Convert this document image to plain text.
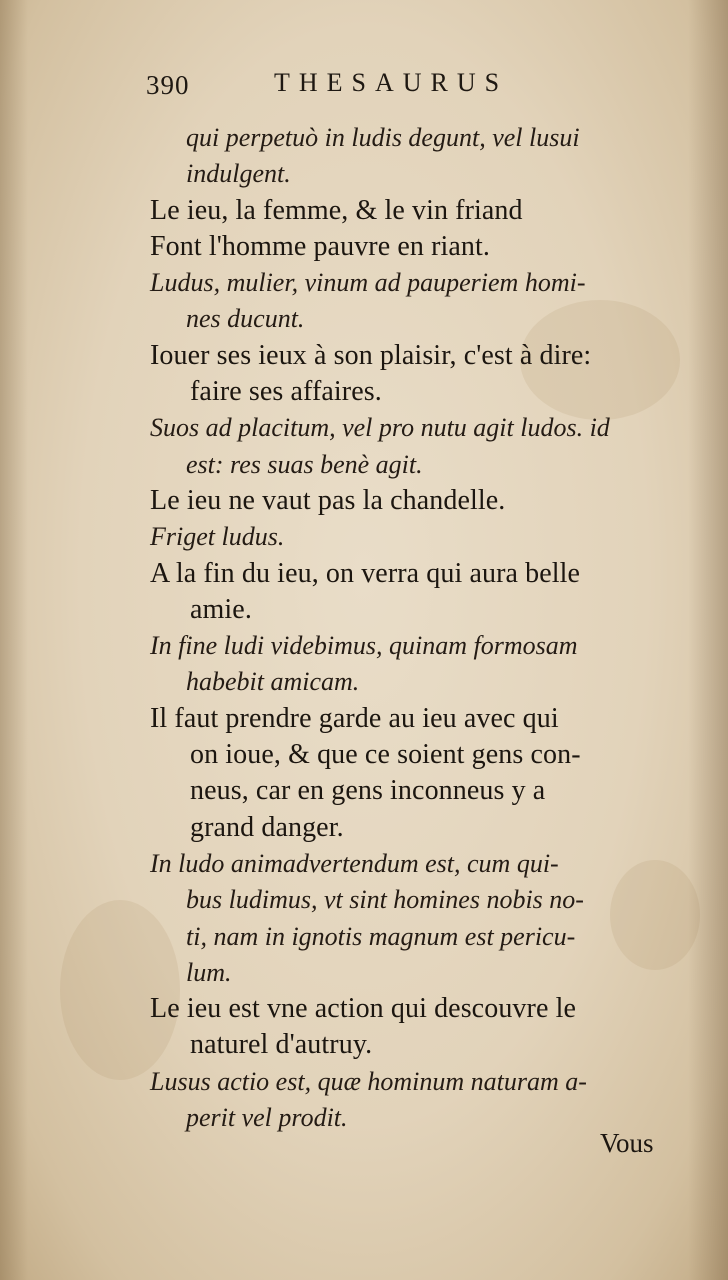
390	THESAURUS
qui perpetuò in ludis degunt, vel lusui
indulgent.
Le ieu, la femme, & le vin friand
Font l'homme pauvre en riant.
Ludus, mulier, vinum ad pauperiem homi-
nes ducunt.
Iouer ses ieux à son plaisir, c'est à dire:
faire ses affaires.
Suos ad placitum, vel pro nutu agit ludos. id
est: res suas benè agit.
Le ieu ne vaut pas la chandelle.
Friget ludus.
A la fin du ieu, on verra qui aura belle
amie.
In fine ludi videbimus, quinam formosam
habebit amicam.
Il faut prendre garde au ieu avec qui
on ioue, & que ce soient gens con-
neus, car en gens inconneus y a
grand danger.
In ludo animadvertendum est, cum qui-
bus ludimus, vt sint homines nobis no-
ti, nam in ignotis magnum est pericu-
lum.
Le ieu est vne action qui descouvre le
naturel d'autruy.
Lusus actio est, quæ hominum naturam a-
perit vel prodit.
Vous
